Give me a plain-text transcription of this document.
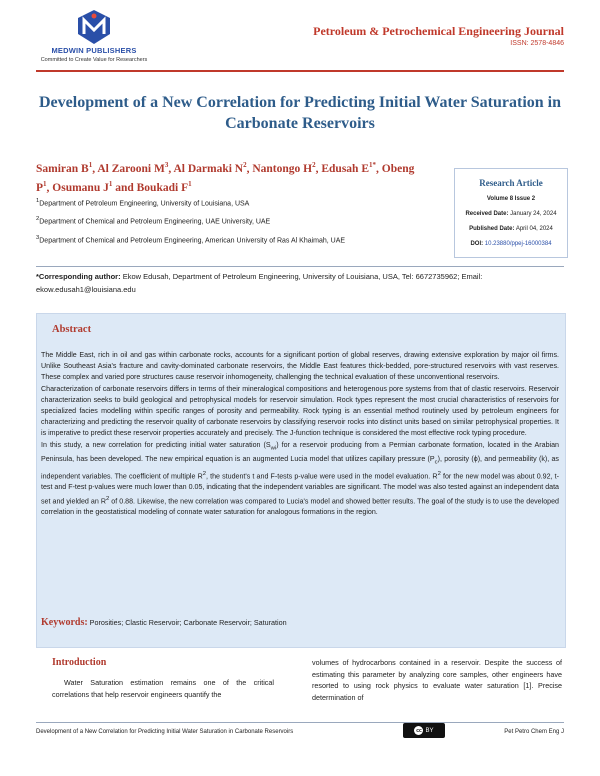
MEDWIN PUBLISHERS
Committed to Create Value for Researchers
Petroleum & Petrochemical Engineering Journal
ISSN: 2578-4846
Development of a New Correlation for Predicting Initial Water Saturation in Carbonate Reservoirs
Samiran $B^1$, Al Zarooni $M^3$, Al Darmaki $N^2$, Nantongo $H^2$, Edusah $E^{1*}$, Obeng $P^1$, Osumanu $J^1$ and Boukadi $F^1$
$^1$Department of Petroleum Engineering, University of Louisiana, USA
$^2$Department of Chemical and Petroleum Engineering, UAE University, UAE
$^3$Department of Chemical and Petroleum Engineering, American University of Ras Al Khaimah, UAE
Research Article
Volume 8 Issue 2
Received Date: January 24, 2024
Published Date: April 04, 2024
DOI: 10.23880/ppej-16000384
*Corresponding author: Ekow Edusah, Department of Petroleum Engineering, University of Louisiana, USA, Tel: 6672735962; Email: ekow.edusah1@louisiana.edu
Abstract

The Middle East, rich in oil and gas within carbonate rocks, accounts for a significant portion of global reserves, drawing extensive exploration by major oil firms. Unlike Southeast Asia's fracture and cavity-dominated carbonate reservoirs, the Middle East features thick-bedded, pore-structured reservoirs with vast reserves. These complex and varied pore structures cause reservoir inhomogeneity, challenging the technical evaluation of these unconventional reservoirs.

Characterization of carbonate reservoirs differs in terms of their mineralogical compositions and heterogenous pore systems from that of clastic reservoirs. Reservoir characterization seeks to build geological and petrophysical models for reservoir simulation. Rock types represent the most crucial characteristics of reservoirs for specialized facies modelling within specific ranges of porosity and permeability. Rock typing is an essential method routinely used by petroleum engineers for characterizing and predicting the reservoir quality of carbonate reservoirs by classifying reservoir rocks into distinct units based on similar petrophysical properties. It is imperative to predict these reservoir properties accurately and precisely. The J-function technique is considered the most effective rock typing procedure.

In this study, a new correlation for predicting initial water saturation $(S_{wi})$ for a reservoir producing from a Permian carbonate formation, located in the Arabian Peninsula, has been developed. The new empirical equation is an augmented Lucia model that utilizes capillary pressure $(P_c)$, porosity (ϕ), and permeability (k), as independent variables. The coefficient of multiple $R^2$, the student's t and F-tests p-value were used in the model evaluation. $R^2$ for the new model was about 0.92, t-test and F-test p-values were much lower than 0.05, indicating that the independent variables are significant. The model was also tested against an independent data set and yielded an $R^2$ of 0.88. Likewise, the new correlation was compared to Lucia's model and showed better results. The goal of the study is to use the developed correlation in the geostatistical modeling of connate water saturation for analogous formations in the region.

Keywords: Porosities; Clastic Reservoir; Carbonate Reservoir; Saturation
Introduction

Water Saturation estimation remains one of the critical correlations that help reservoir engineers quantify the

volumes of hydrocarbons contained in a reservoir. Despite the success of estimating this parameter by analyzing core samples, other engineers have resorted to using rock physics to evaluate water saturation [1]. Precise determination of

Development of a New Correlation for Predicting Initial Water Saturation in Carbonate Reservoirs	cc BY	Pet Petro Chem Eng J
